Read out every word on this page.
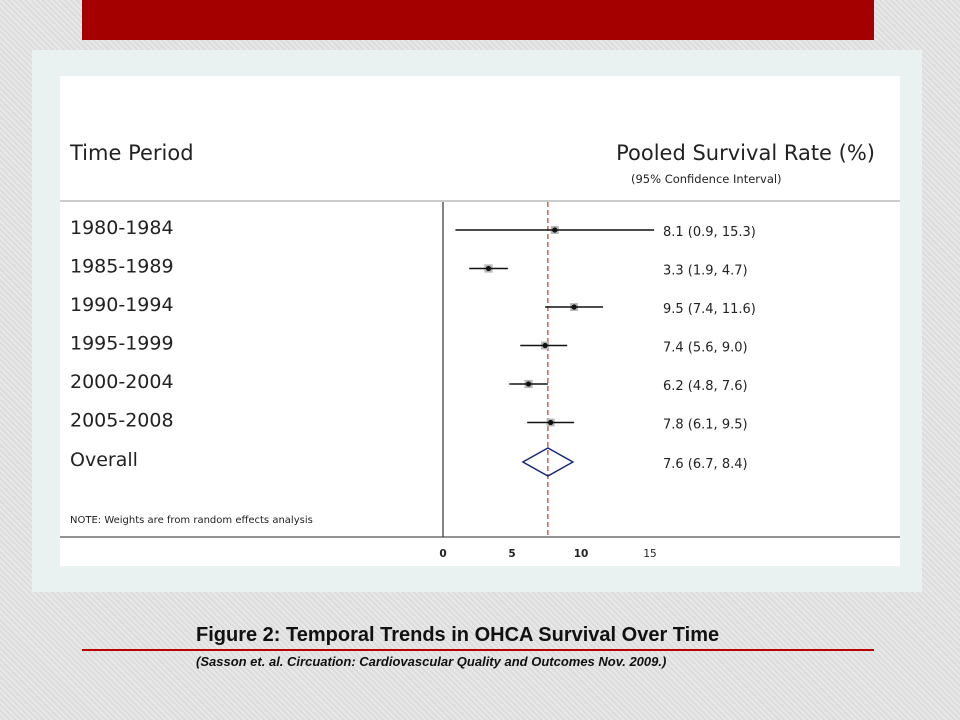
Time Period	Pooled Survival Rate (%)
(95% Confidence Interval)
NOTE: Weights are from random effects analysis
1980-1984	8.1 (0.9, 15.3)
1985-1989	3.3 (1.9, 4.7)
1990-1994	9.5 (7.4, 11.6)
1995-1999	7.4 (5.6, 9.0)
2000-2004	6.2 (4.8, 7.6)
2005-2008	7.8 (6.1, 9.5)
Overall	7.6 (6.7, 8.4)
0	5	10	15
Figure 2: Temporal Trends in OHCA Survival Over Time
(Sasson et. al. Circuation: Cardiovascular Quality and Outcomes Nov. 2009.)
